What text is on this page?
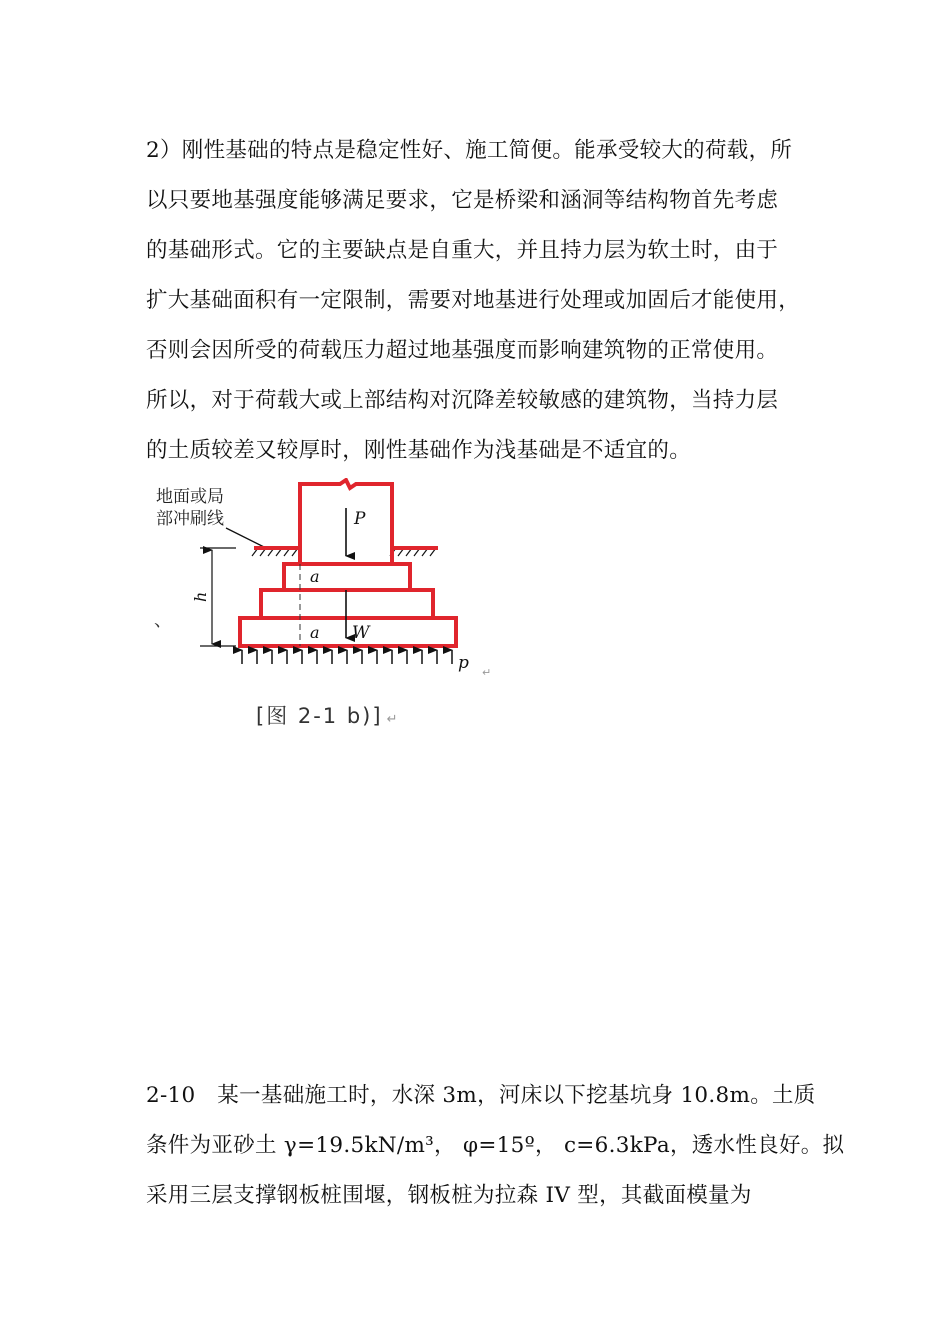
2）刚性基础的特点是稳定性好、施工简便。能承受较大的荷载，所
以只要地基强度能够满足要求，它是桥梁和涵洞等结构物首先考虑
的基础形式。它的主要缺点是自重大，并且持力层为软土时，由于
扩大基础面积有一定限制，需要对地基进行处理或加固后才能使用，
否则会因所受的荷载压力超过地基强度而影响建筑物的正常使用。
所以，对于荷载大或上部结构对沉降差较敏感的建筑物，当持力层
的土质较差又较厚时，刚性基础作为浅基础是不适宜的。
地面或局
部冲刷线	P
W
a
a
h
p ↵
、
[图 2-1 b)] ↵
2-10　某一基础施工时，水深 3m，河床以下挖基坑身 10.8m。土质
条件为亚砂土 γ=19.5kN/m³， φ=15º， c=6.3kPa，透水性良好。拟
采用三层支撑钢板桩围堰，钢板桩为拉森 IV 型，其截面模量为
